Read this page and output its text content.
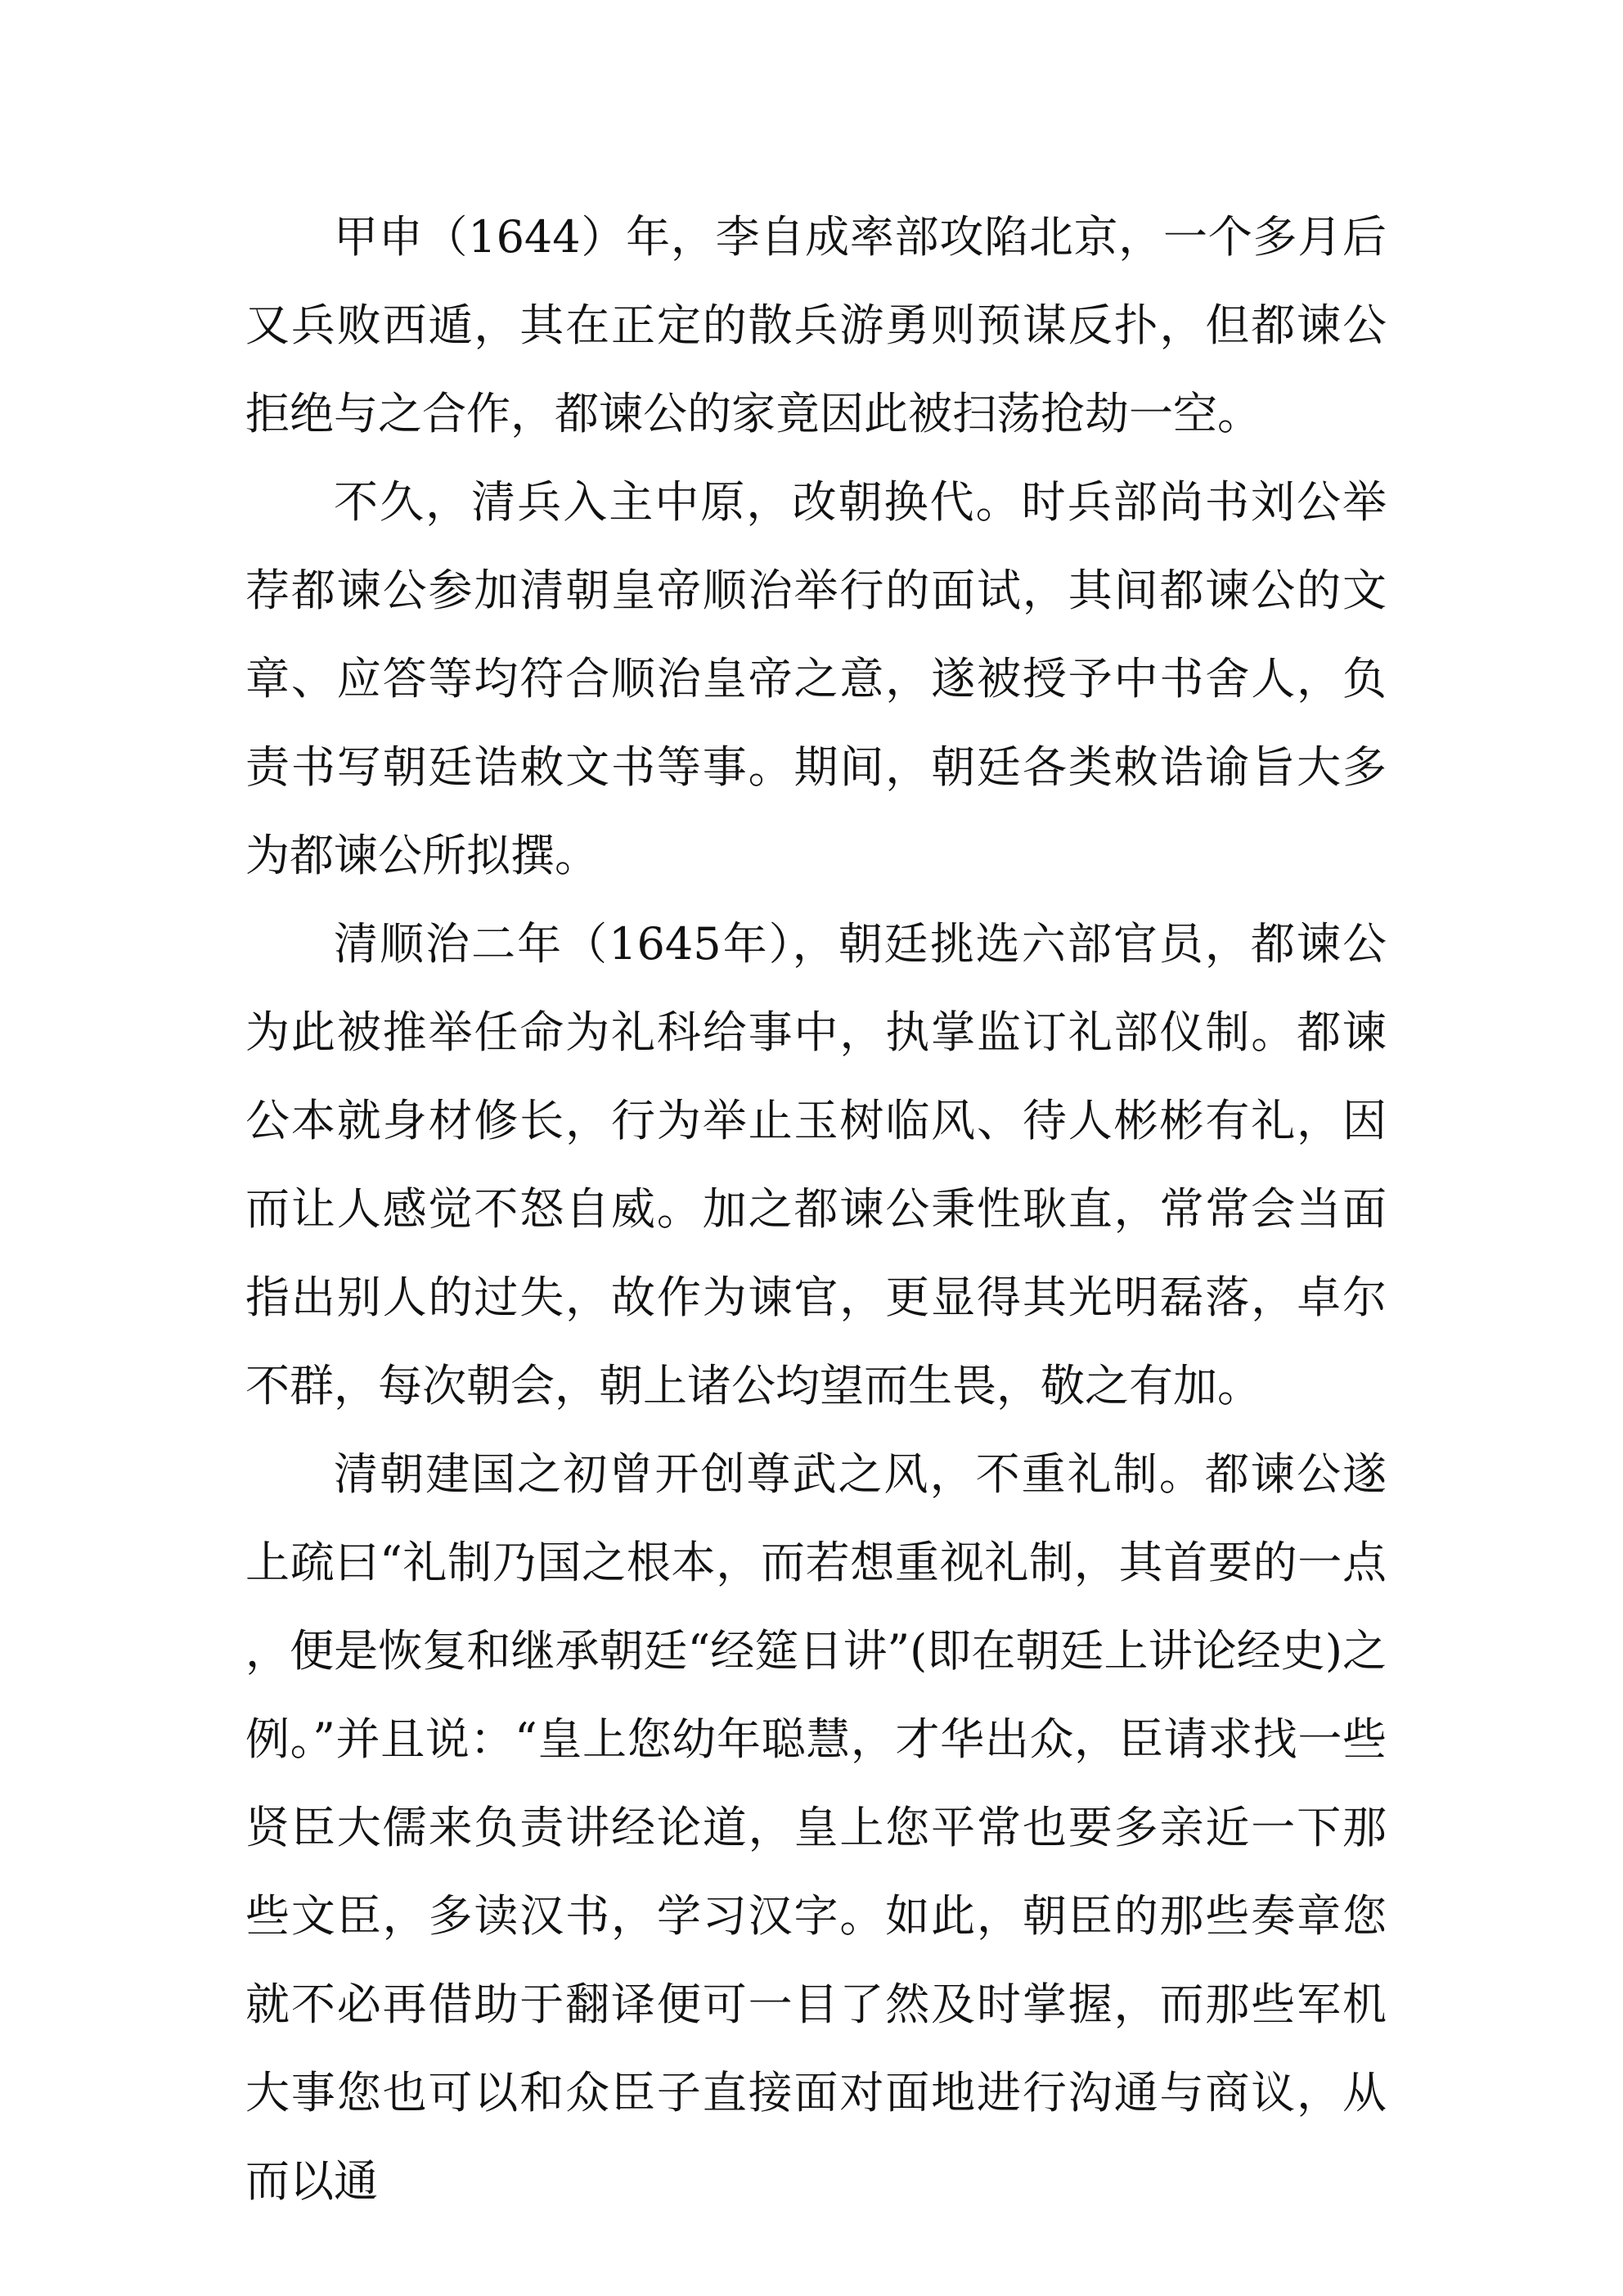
甲申（1644）年，李自成率部攻陷北京，一个多月后又兵败西遁，其在正定的散兵游勇则预谋反扑，但都谏公拒绝与之合作，都谏公的家竟因此被扫荡抢劫一空。

不久，清兵入主中原，改朝换代。时兵部尚书刘公举荐都谏公参加清朝皇帝顺治举行的面试，其间都谏公的文章、应答等均符合顺治皇帝之意，遂被授予中书舍人，负责书写朝廷诰敕文书等事。期间，朝廷各类敕诰谕旨大多为都谏公所拟撰。

清顺治二年（1645年），朝廷挑选六部官员，都谏公为此被推举任命为礼科给事中，执掌监订礼部仪制。都谏公本就身材修长，行为举止玉树临风、待人彬彬有礼，因而让人感觉不怒自威。加之都谏公秉性耿直，常常会当面指出别人的过失，故作为谏官，更显得其光明磊落，卓尔不群，每次朝会，朝上诸公均望而生畏，敬之有加。

清朝建国之初曾开创尊武之风，不重礼制。都谏公遂上疏曰“礼制乃国之根本，而若想重视礼制，其首要的一点，便是恢复和继承朝廷“经筵日讲”(即在朝廷上讲论经史)之例。”并且说：“皇上您幼年聪慧，才华出众，臣请求找一些贤臣大儒来负责讲经论道，皇上您平常也要多亲近一下那些文臣，多读汉书，学习汉字。如此，朝臣的那些奏章您就不必再借助于翻译便可一目了然及时掌握，而那些军机大事您也可以和众臣子直接面对面地进行沟通与商议，从而以通
